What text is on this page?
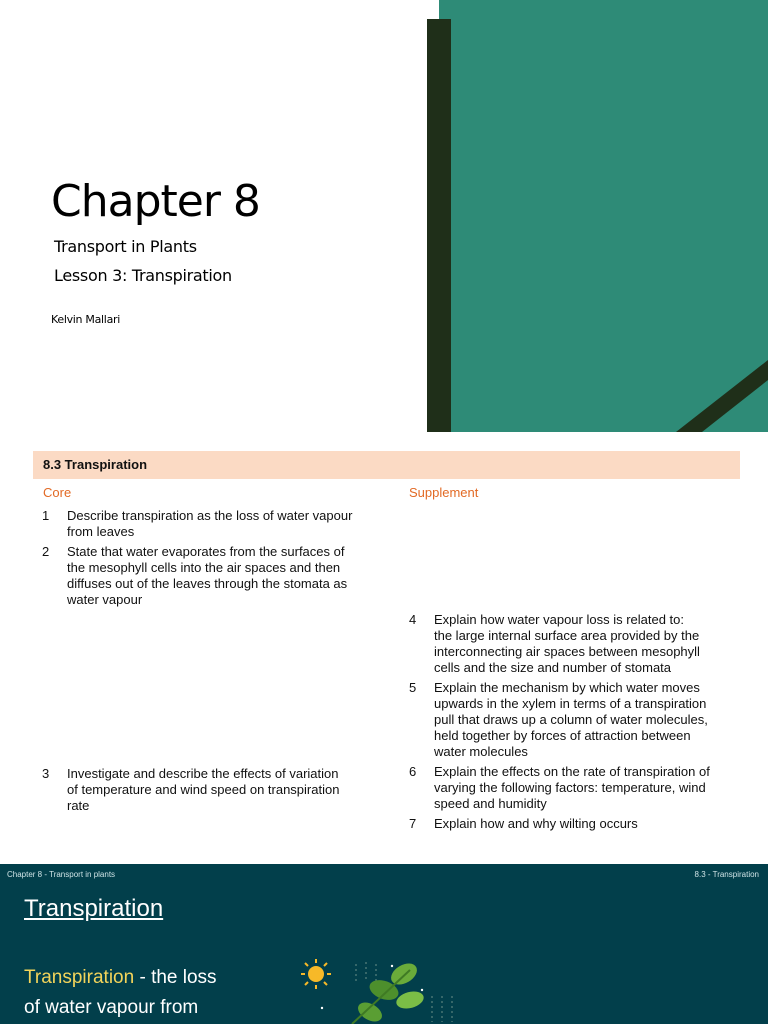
Chapter 8
Transport in Plants
Lesson 3: Transpiration
Kelvin Mallari
8.3 Transpiration
Core	Supplement
1	Describe transpiration as the loss of water vapour
from leaves
2	State that water evaporates from the surfaces of
the mesophyll cells into the air spaces and then
diffuses out of the leaves through the stomata as
water vapour
3	Investigate and describe the effects of variation
of temperature and wind speed on transpiration
rate
4	Explain how water vapour loss is related to:
the large internal surface area provided by the
interconnecting air spaces between mesophyll
cells and the size and number of stomata
5	Explain the mechanism by which water moves
upwards in the xylem in terms of a transpiration
pull that draws up a column of water molecules,
held together by forces of attraction between
water molecules
6	Explain the effects on the rate of transpiration of
varying the following factors: temperature, wind
speed and humidity
7	Explain how and why wilting occurs
Chapter 8 - Transport in plants	8.3 - Transpiration
Transpiration
Transpiration - the loss
of water vapour from
